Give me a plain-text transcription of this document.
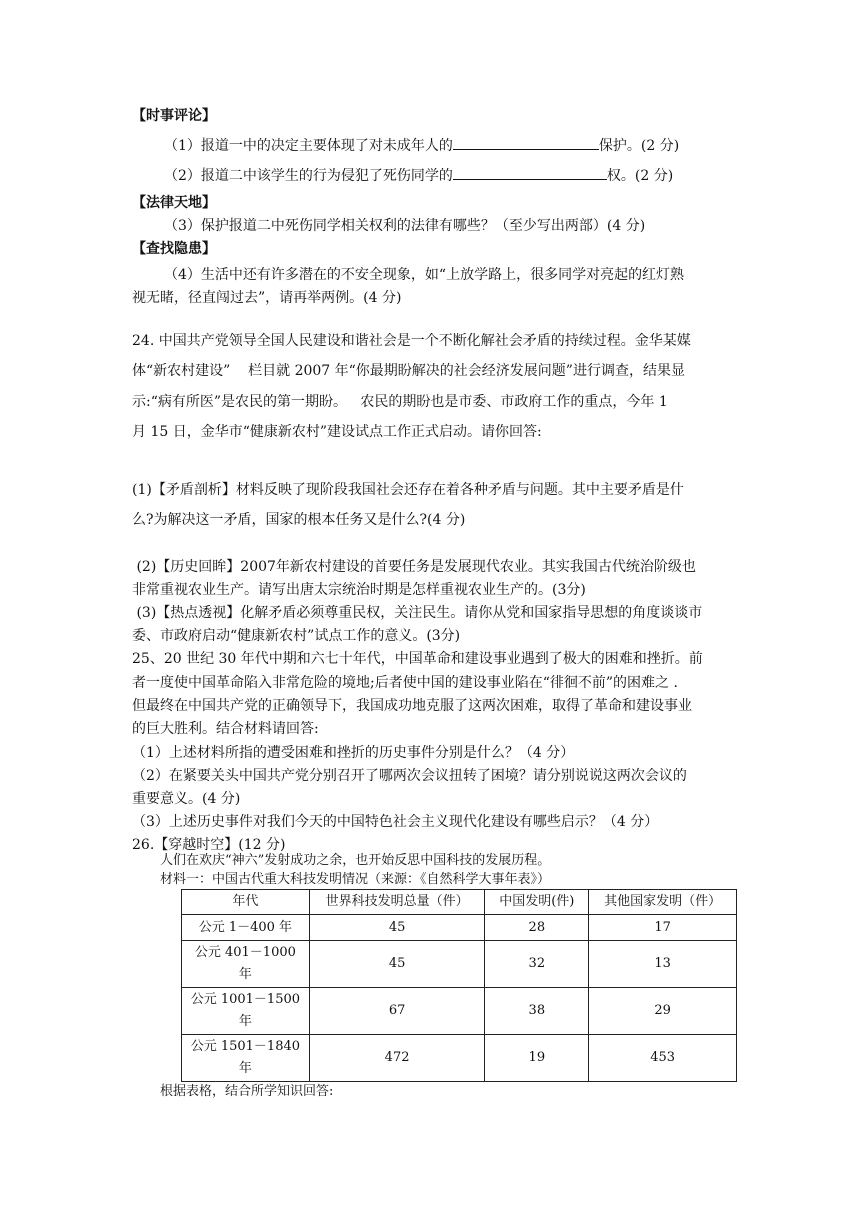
【时事评论】
（1）报道一中的决定主要体现了对未成年人的	保护。(2 分)
（2）报道二中该学生的行为侵犯了死伤同学的	权。(2 分)
【法律天地】
（3）保护报道二中死伤同学相关权利的法律有哪些？（至少写出两部）(4 分)
【查找隐患】
（4）生活中还有许多潜在的不安全现象，如“上放学路上，很多同学对亮起的红灯熟
视无睹，径直闯过去”，请再举两例。(4 分)
24. 中国共产党领导全国人民建设和谐社会是一个不断化解社会矛盾的持续过程。金华某媒
体“新农村建设”    栏目就 2007 年“你最期盼解决的社会经济发展问题”进行调查，结果显
示:“病有所医”是农民的第一期盼。   农民的期盼也是市委、市政府工作的重点，今年 1
月 15 日，金华市“健康新农村”建设试点工作正式启动。请你回答:
(1)【矛盾剖析】材料反映了现阶段我国社会还存在着各种矛盾与问题。其中主要矛盾是什
么?为解决这一矛盾，国家的根本任务又是什么?(4 分)
(2)【历史回眸】2007年新农村建设的首要任务是发展现代农业。其实我国古代统治阶级也
非常重视农业生产。请写出唐太宗统治时期是怎样重视农业生产的。(3分)
(3)【热点透视】化解矛盾必须尊重民权，关注民生。请你从党和国家指导思想的角度谈谈市
委、市政府启动“健康新农村”试点工作的意义。(3分)
25、20 世纪 30 年代中期和六七十年代，中国革命和建设事业遇到了极大的困难和挫折。前
者一度使中国革命陷入非常危险的境地;后者使中国的建设事业陷在“徘徊不前”的困难之 .
但最终在中国共产党的正确领导下，我国成功地克服了这两次困难，取得了革命和建设事业
的巨大胜利。结合材料请回答:
（1）上述材料所指的遭受困难和挫折的历史事件分别是什么？（4 分）
（2）在紧要关头中国共产党分别召开了哪两次会议扭转了困境？请分别说说这两次会议的
重要意义。(4 分)
（3）上述历史事件对我们今天的中国特色社会主义现代化建设有哪些启示？（4 分）
26.【穿越时空】(12 分)
人们在欢庆“神六”发射成功之余，也开始反思中国科技的发展历程。
材料一：中国古代重大科技发明情况（来源：《自然科学大事年表》）
年代	世界科技发明总量（件）	中国发明(件)	其他国家发明（件）
公元 1－400 年	45	28	17
公元 401－1000
年	45	32	13
公元 1001－1500
年	67	38	29
公元 1501－1840
年	472	19	453
根据表格，结合所学知识回答:
